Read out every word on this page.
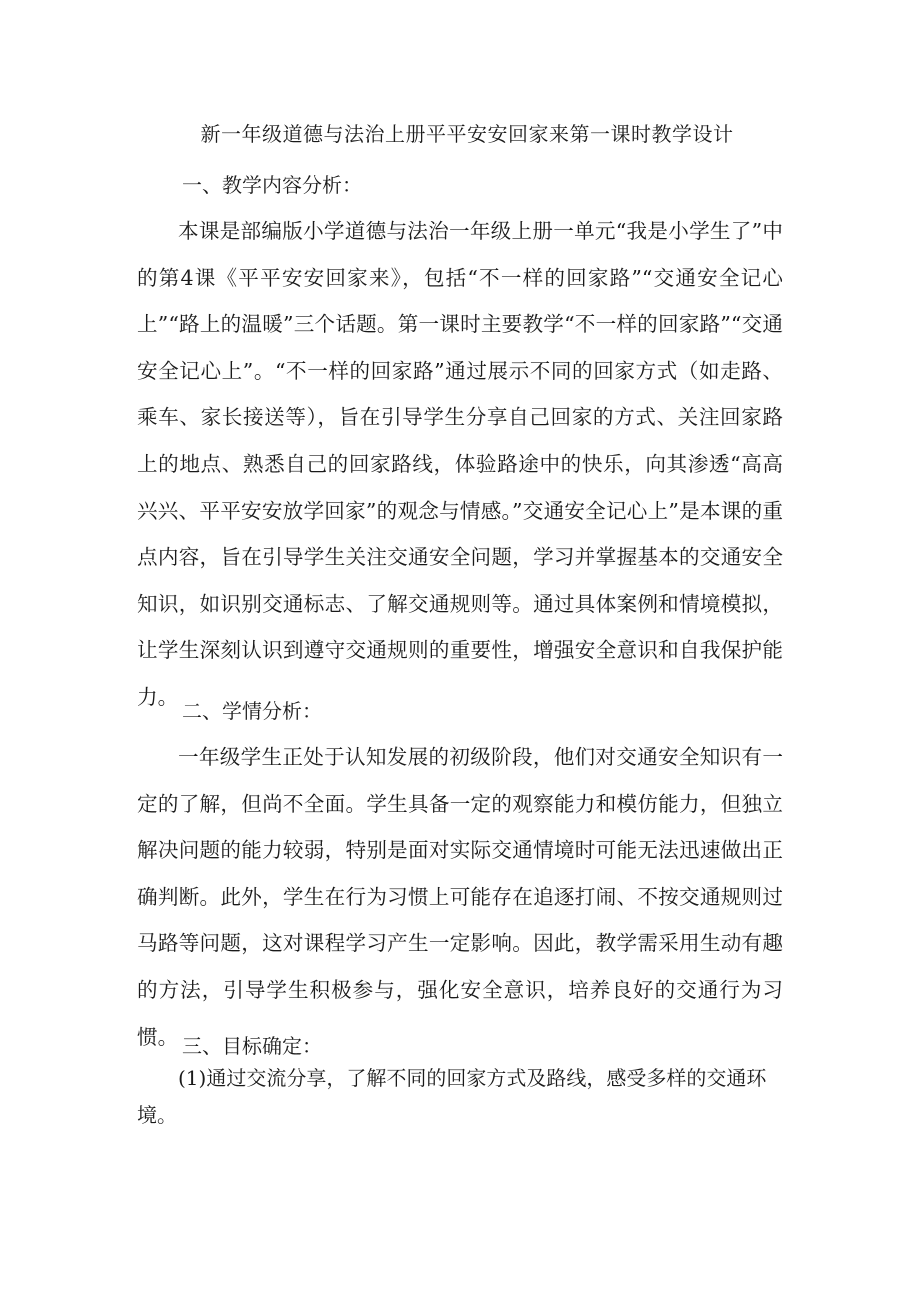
新一年级道德与法治上册平平安安回家来第一课时教学设计
一、教学内容分析：

本课是部编版小学道德与法治一年级上册一单元“我是小学生了”中的第4课《平平安安回家来》，包括“不一样的回家路”“交通安全记心上”“路上的温暖”三个话题。第一课时主要教学“不一样的回家路”“交通安全记心上”。“不一样的回家路”通过展示不同的回家方式（如走路、乘车、家长接送等），旨在引导学生分享自己回家的方式、关注回家路上的地点、熟悉自己的回家路线，体验路途中的快乐，向其渗透“高高兴兴、平平安安放学回家”的观念与情感。”交通安全记心上”是本课的重点内容，旨在引导学生关注交通安全问题，学习并掌握基本的交通安全知识，如识别交通标志、了解交通规则等。通过具体案例和情境模拟，让学生深刻认识到遵守交通规则的重要性，增强安全意识和自我保护能力。

二、学情分析：

一年级学生正处于认知发展的初级阶段，他们对交通安全知识有一定的了解，但尚不全面。学生具备一定的观察能力和模仿能力，但独立解决问题的能力较弱，特别是面对实际交通情境时可能无法迅速做出正确判断。此外，学生在行为习惯上可能存在追逐打闹、不按交通规则过马路等问题，这对课程学习产生一定影响。因此，教学需采用生动有趣的方法，引导学生积极参与，强化安全意识，培养良好的交通行为习惯。 三、目标确定：

(1)通过交流分享，了解不同的回家方式及路线，感受多样的交通环境。
